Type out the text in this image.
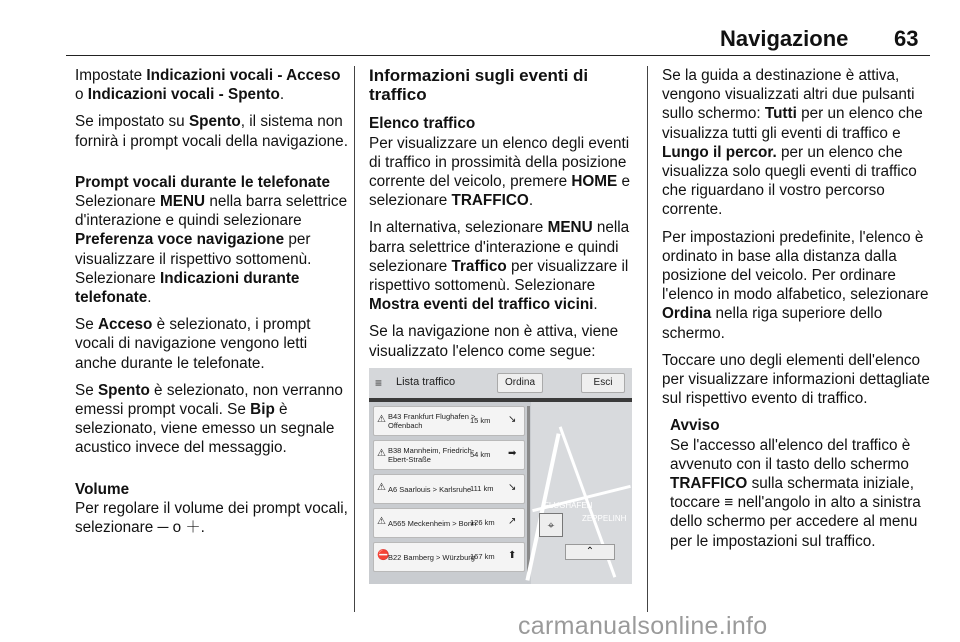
Navigazione 63

Impostate Indicazioni vocali - Acceso o Indicazioni vocali - Spento.

Se impostato su Spento, il sistema non fornirà i prompt vocali della navigazione.

Prompt vocali durante le telefonate

Selezionare MENU nella barra selettrice d'interazione e quindi selezionare Preferenza voce navigazione per visualizzare il rispettivo sottomenù. Selezionare Indicazioni durante telefonate.

Se Acceso è selezionato, i prompt vocali di navigazione vengono letti anche durante le telefonate.

Se Spento è selezionato, non verranno emessi prompt vocali. Se Bip è selezionato, viene emesso un segnale acustico invece del messaggio.

Volume

Per regolare il volume dei prompt vocali, selezionare ─ o ＋.

Informazioni sugli eventi di traffico

Elenco traffico

Per visualizzare un elenco degli eventi di traffico in prossimità della posizione corrente del veicolo, premere HOME e selezionare TRAFFICO.

In alternativa, selezionare MENU nella barra selettrice d'interazione e quindi selezionare Traffico per visualizzare il rispettivo sottomenù. Selezionare Mostra eventi del traffico vicini.

Se la navigazione non è attiva, viene visualizzato l'elenco come segue:

≡	Lista traffico	Ordina	Esci
⚠ B43 Frankfurt Flughafen > Offenbach
15 km ↘
⚠ B38 Mannheim, Friedrich-Ebert-Straße
54 km ➡
⚠ A6 Saarlouis > Karlsruhe
111 km ↘
⚠ A565 Meckenheim > Bonn
126 km ↗
⛔
B22 Bamberg > Würzburg
167 km ⬆
FLUGHAFEN
ZEPPELINH
⌖
⌃

Se la guida a destinazione è attiva, vengono visualizzati altri due pulsanti sullo schermo: Tutti per un elenco che visualizza tutti gli eventi di traffico e Lungo il percor. per un elenco che visualizza solo quegli eventi di traffico che riguardano il vostro percorso corrente.

Per impostazioni predefinite, l'elenco è ordinato in base alla distanza dalla posizione del veicolo. Per ordinare l'elenco in modo alfabetico, selezionare Ordina nella riga superiore dello schermo.

Toccare uno degli elementi dell'elenco per visualizzare informazioni dettagliate sul rispettivo evento di traffico.

Avviso

Se l'accesso all'elenco del traffico è avvenuto con il tasto dello schermo TRAFFICO sulla schermata iniziale, toccare ≡ nell'angolo in alto a sinistra dello schermo per accedere al menu per le impostazioni sul traffico.

carmanualsonline.info
